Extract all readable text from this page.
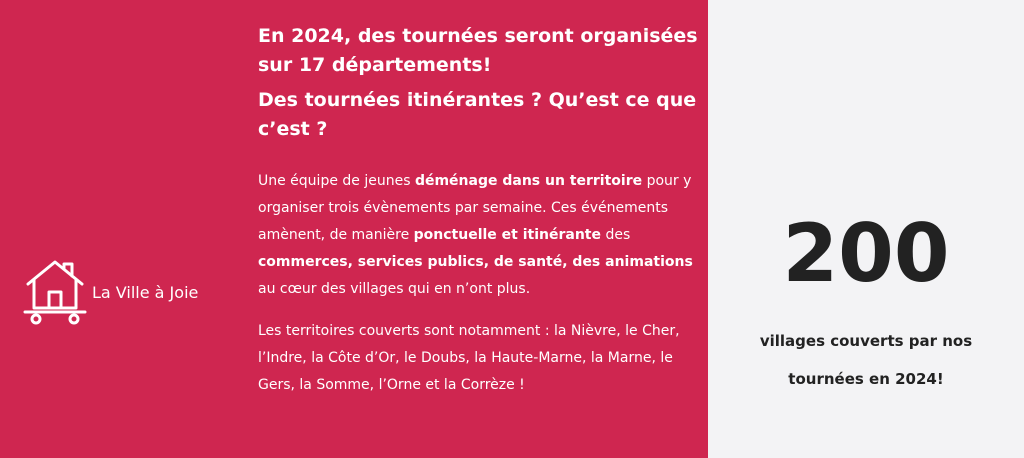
La Ville à Joie
En 2024, des tournées seront organisées sur 17 départements!
Des tournées itinérantes ? Qu’est ce que c’est ?

Une équipe de jeunes déménage dans un territoire pour y organiser trois évènements par semaine. Ces événements amènent, de manière ponctuelle et itinérante des commerces, services publics, de santé, des animations au cœur des villages qui en n’ont plus.

Les territoires couverts sont notamment : la Nièvre, le Cher, l’Indre, la Côte d’Or, le Doubs, la Haute-Marne, la Marne, le Gers, la Somme, l’Orne et la Corrèze !

200
villages couverts par nos tournées en 2024!
